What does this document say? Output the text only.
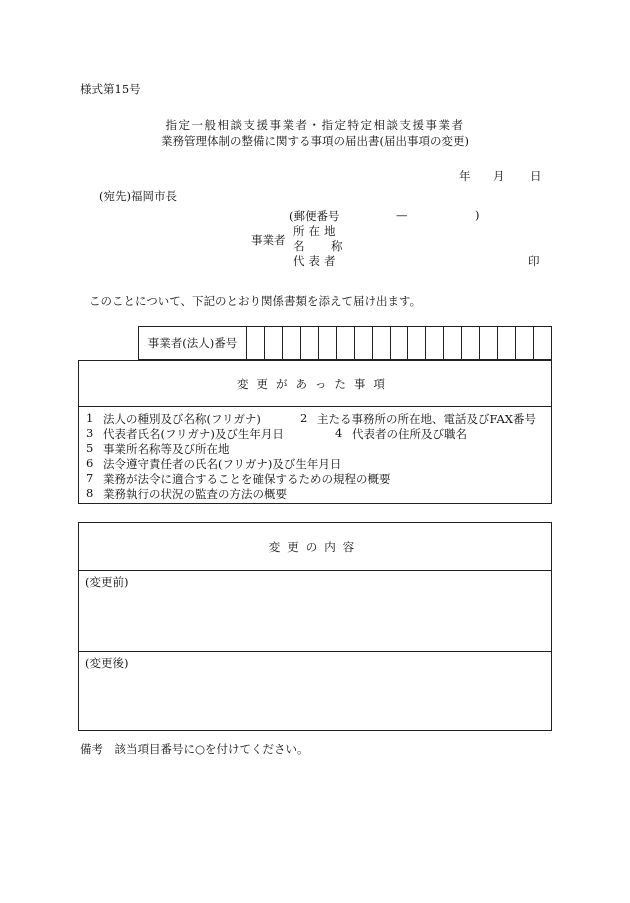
様式第15号
指定一般相談支援事業者・指定特定相談支援事業者
業務管理体制の整備に関する事項の届出書(届出事項の変更)
年 月 日
(宛先)福岡市長
事業者
(郵便番号	—	)
所在地
名 称
代表者	印
このことについて、下記のとおり関係書類を添えて届け出ます。
事業者(法人)番号
変更があった事項
1 法人の種別及び名称(フリガナ)	2 主たる事務所の所在地、電話及びFAX番号
3 代表者氏名(フリガナ)及び生年月日	4 代表者の住所及び職名
5 事業所名称等及び所在地
6 法令遵守責任者の氏名(フリガナ)及び生年月日
7 業務が法令に適合することを確保するための規程の概要
8 業務執行の状況の監査の方法の概要
変更の内容
(変更前)
(変更後)
備考　該当項目番号に○を付けてください。
